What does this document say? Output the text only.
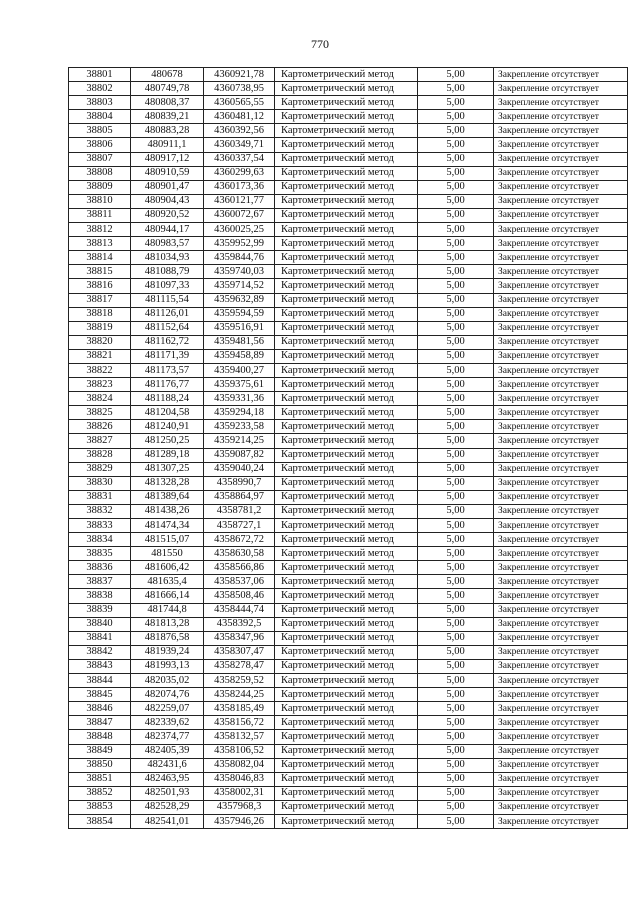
770
38801	480678	4360921,78	Картометрический метод	5,00	Закрепление отсутствует
38802	480749,78	4360738,95	Картометрический метод	5,00	Закрепление отсутствует
38803	480808,37	4360565,55	Картометрический метод	5,00	Закрепление отсутствует
38804	480839,21	4360481,12	Картометрический метод	5,00	Закрепление отсутствует
38805	480883,28	4360392,56	Картометрический метод	5,00	Закрепление отсутствует
38806	480911,1	4360349,71	Картометрический метод	5,00	Закрепление отсутствует
38807	480917,12	4360337,54	Картометрический метод	5,00	Закрепление отсутствует
38808	480910,59	4360299,63	Картометрический метод	5,00	Закрепление отсутствует
38809	480901,47	4360173,36	Картометрический метод	5,00	Закрепление отсутствует
38810	480904,43	4360121,77	Картометрический метод	5,00	Закрепление отсутствует
38811	480920,52	4360072,67	Картометрический метод	5,00	Закрепление отсутствует
38812	480944,17	4360025,25	Картометрический метод	5,00	Закрепление отсутствует
38813	480983,57	4359952,99	Картометрический метод	5,00	Закрепление отсутствует
38814	481034,93	4359844,76	Картометрический метод	5,00	Закрепление отсутствует
38815	481088,79	4359740,03	Картометрический метод	5,00	Закрепление отсутствует
38816	481097,33	4359714,52	Картометрический метод	5,00	Закрепление отсутствует
38817	481115,54	4359632,89	Картометрический метод	5,00	Закрепление отсутствует
38818	481126,01	4359594,59	Картометрический метод	5,00	Закрепление отсутствует
38819	481152,64	4359516,91	Картометрический метод	5,00	Закрепление отсутствует
38820	481162,72	4359481,56	Картометрический метод	5,00	Закрепление отсутствует
38821	481171,39	4359458,89	Картометрический метод	5,00	Закрепление отсутствует
38822	481173,57	4359400,27	Картометрический метод	5,00	Закрепление отсутствует
38823	481176,77	4359375,61	Картометрический метод	5,00	Закрепление отсутствует
38824	481188,24	4359331,36	Картометрический метод	5,00	Закрепление отсутствует
38825	481204,58	4359294,18	Картометрический метод	5,00	Закрепление отсутствует
38826	481240,91	4359233,58	Картометрический метод	5,00	Закрепление отсутствует
38827	481250,25	4359214,25	Картометрический метод	5,00	Закрепление отсутствует
38828	481289,18	4359087,82	Картометрический метод	5,00	Закрепление отсутствует
38829	481307,25	4359040,24	Картометрический метод	5,00	Закрепление отсутствует
38830	481328,28	4358990,7	Картометрический метод	5,00	Закрепление отсутствует
38831	481389,64	4358864,97	Картометрический метод	5,00	Закрепление отсутствует
38832	481438,26	4358781,2	Картометрический метод	5,00	Закрепление отсутствует
38833	481474,34	4358727,1	Картометрический метод	5,00	Закрепление отсутствует
38834	481515,07	4358672,72	Картометрический метод	5,00	Закрепление отсутствует
38835	481550	4358630,58	Картометрический метод	5,00	Закрепление отсутствует
38836	481606,42	4358566,86	Картометрический метод	5,00	Закрепление отсутствует
38837	481635,4	4358537,06	Картометрический метод	5,00	Закрепление отсутствует
38838	481666,14	4358508,46	Картометрический метод	5,00	Закрепление отсутствует
38839	481744,8	4358444,74	Картометрический метод	5,00	Закрепление отсутствует
38840	481813,28	4358392,5	Картометрический метод	5,00	Закрепление отсутствует
38841	481876,58	4358347,96	Картометрический метод	5,00	Закрепление отсутствует
38842	481939,24	4358307,47	Картометрический метод	5,00	Закрепление отсутствует
38843	481993,13	4358278,47	Картометрический метод	5,00	Закрепление отсутствует
38844	482035,02	4358259,52	Картометрический метод	5,00	Закрепление отсутствует
38845	482074,76	4358244,25	Картометрический метод	5,00	Закрепление отсутствует
38846	482259,07	4358185,49	Картометрический метод	5,00	Закрепление отсутствует
38847	482339,62	4358156,72	Картометрический метод	5,00	Закрепление отсутствует
38848	482374,77	4358132,57	Картометрический метод	5,00	Закрепление отсутствует
38849	482405,39	4358106,52	Картометрический метод	5,00	Закрепление отсутствует
38850	482431,6	4358082,04	Картометрический метод	5,00	Закрепление отсутствует
38851	482463,95	4358046,83	Картометрический метод	5,00	Закрепление отсутствует
38852	482501,93	4358002,31	Картометрический метод	5,00	Закрепление отсутствует
38853	482528,29	4357968,3	Картометрический метод	5,00	Закрепление отсутствует
38854	482541,01	4357946,26	Картометрический метод	5,00	Закрепление отсутствует
